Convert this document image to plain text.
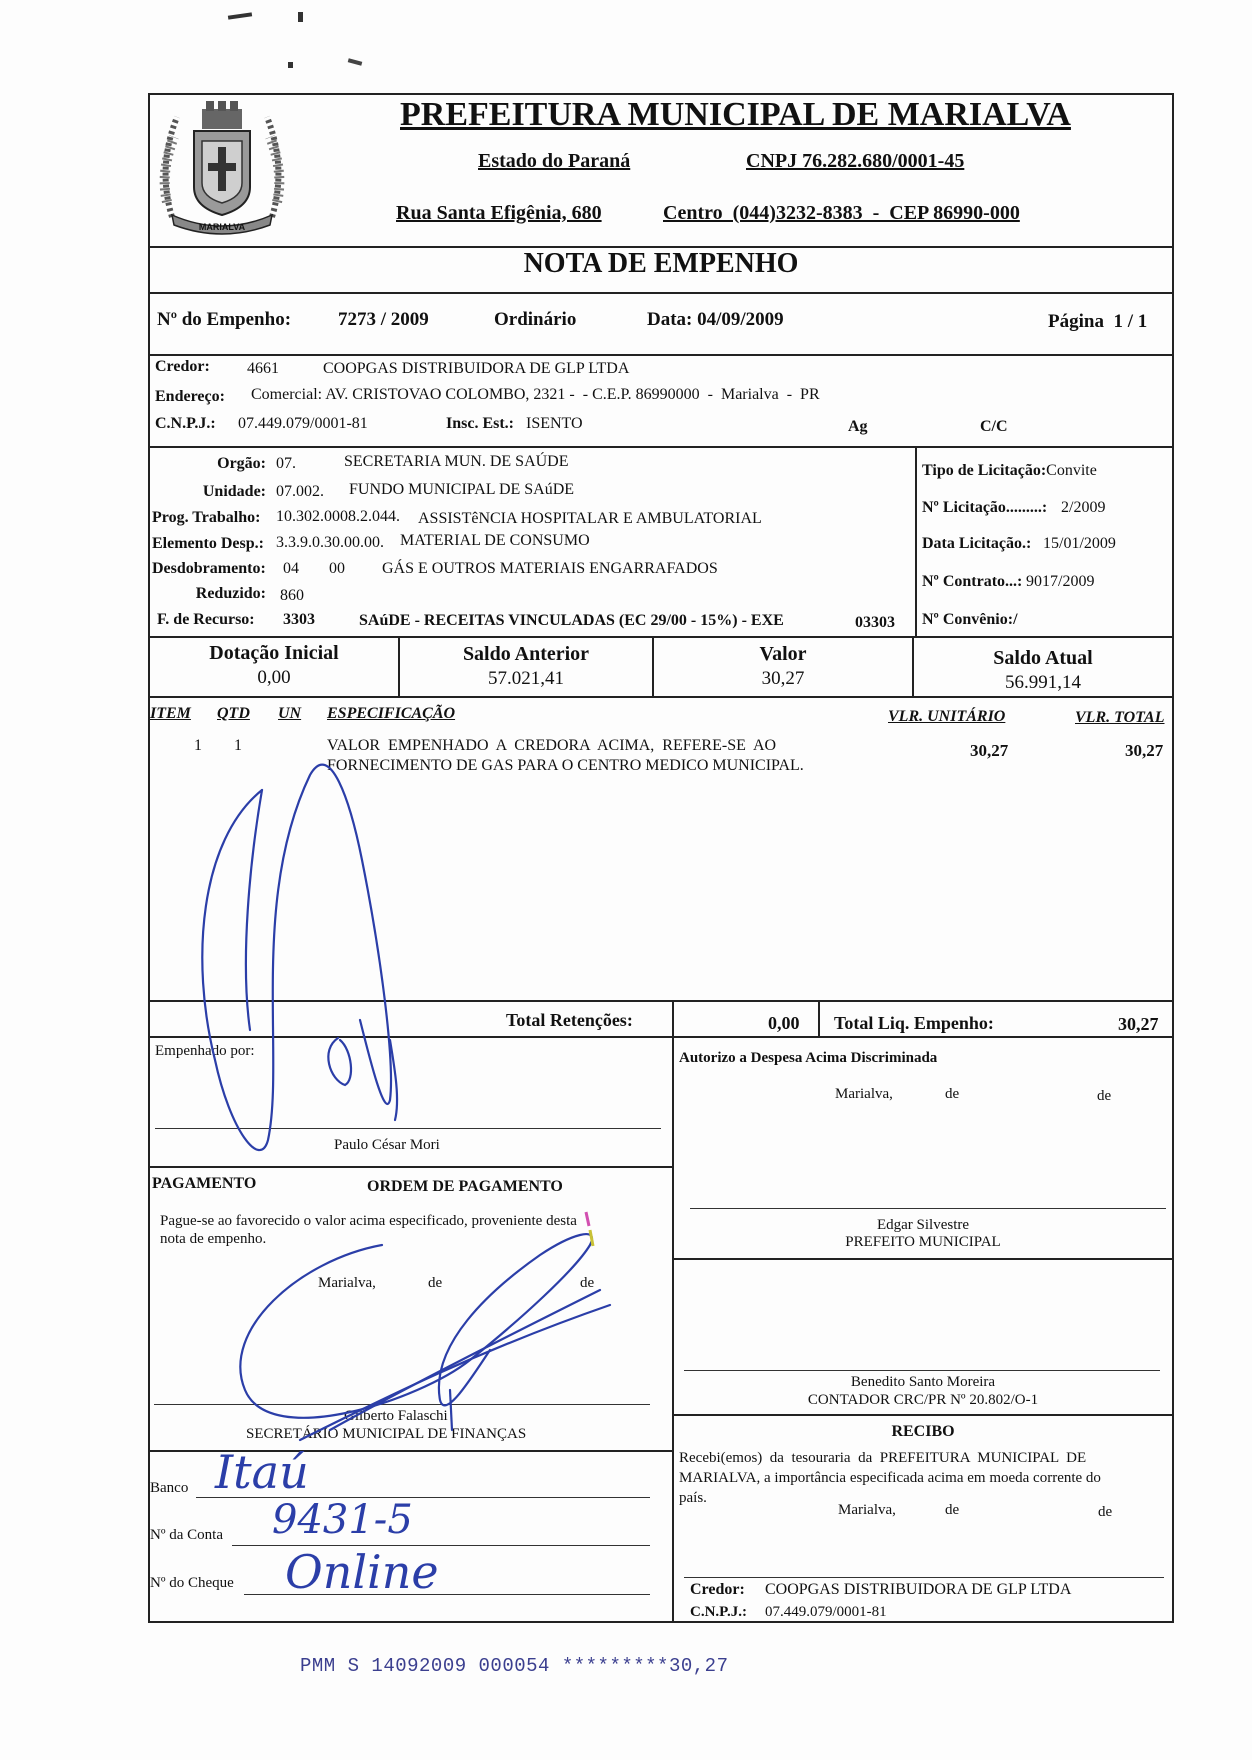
MARIALVA
PREFEITURA MUNICIPAL DE MARIALVA
Estado do Paraná	CNPJ 76.282.680/0001-45
Rua Santa Efigênia, 680	Centro  (044)3232-8383  -  CEP 86990-000
NOTA DE EMPENHO
Nº do Empenho: 7273 / 2009	Ordinário	Data: 04/09/2009	Página  1 / 1
Credor: 4661	COOPGAS DISTRIBUIDORA DE GLP LTDA
Endereço: Comercial: AV. CRISTOVAO COLOMBO, 2321 -  - C.E.P. 86990000  -  Marialva  -  PR
C.N.P.J.: 07.449.079/0001-81	Insc. Est.: ISENTO	Ag	C/C
Orgão: 07.	SECRETARIA MUN. DE SAÚDE
Unidade: 07.002. FUNDO MUNICIPAL DE SAúDE
Prog. Trabalho: 10.302.0008.2.044. ASSISTêNCIA HOSPITALAR E AMBULATORIAL
Elemento Desp.: 3.3.9.0.30.00.00. MATERIAL DE CONSUMO
Desdobramento: 04 00 GÁS E OUTROS MATERIAIS ENGARRAFADOS
Reduzido: 860
F. de Recurso: 3303	SAúDE - RECEITAS VINCULADAS (EC 29/00 - 15%) - EXE	03303
Tipo de Licitação:Convite
Nº Licitação.........: 2/2009
Data Licitação.: 15/01/2009
Nº Contrato...: 9017/2009
Nº Convênio:/
Dotação Inicial
0,00
Saldo Anterior
57.021,41
Valor
30,27
Saldo Atual
56.991,14
ITEM QTD UN ESPECIFICAÇÃO	VLR. UNITÁRIO	VLR. TOTAL
1 1	VALOR  EMPENHADO  A  CREDORA  ACIMA,  REFERE-SE  AO
FORNECIMENTO DE GAS PARA O CENTRO MEDICO MUNICIPAL.
30,27	30,27
Total Retenções:	0,00 Total Liq. Empenho:	30,27
Empenhado por:
Paulo César Mori
Autorizo a Despesa Acima Discriminada
Marialva,	de	de
Edgar Silvestre
PREFEITO MUNICIPAL
Benedito Santo Moreira
CONTADOR CRC/PR Nº 20.802/O-1
PAGAMENTO	ORDEM DE PAGAMENTO
Pague-se ao favorecido o valor acima especificado, proveniente desta
nota de empenho.
Marialva,	de	de
Gilberto Falaschi
SECRETÁRIO MUNICIPAL DE FINANÇAS
Banco
Nº da Conta
Nº do Cheque
Itaú
9431-5
Online
RECIBO
Recebi(emos)  da  tesouraria  da  PREFEITURA  MUNICIPAL  DE
MARIALVA, a importância especificada acima em moeda corrente do
país.
Marialva,	de	de
Credor: COOPGAS DISTRIBUIDORA DE GLP LTDA
C.N.P.J.: 07.449.079/0001-81
PMM S 14092009 000054 *********30,27
